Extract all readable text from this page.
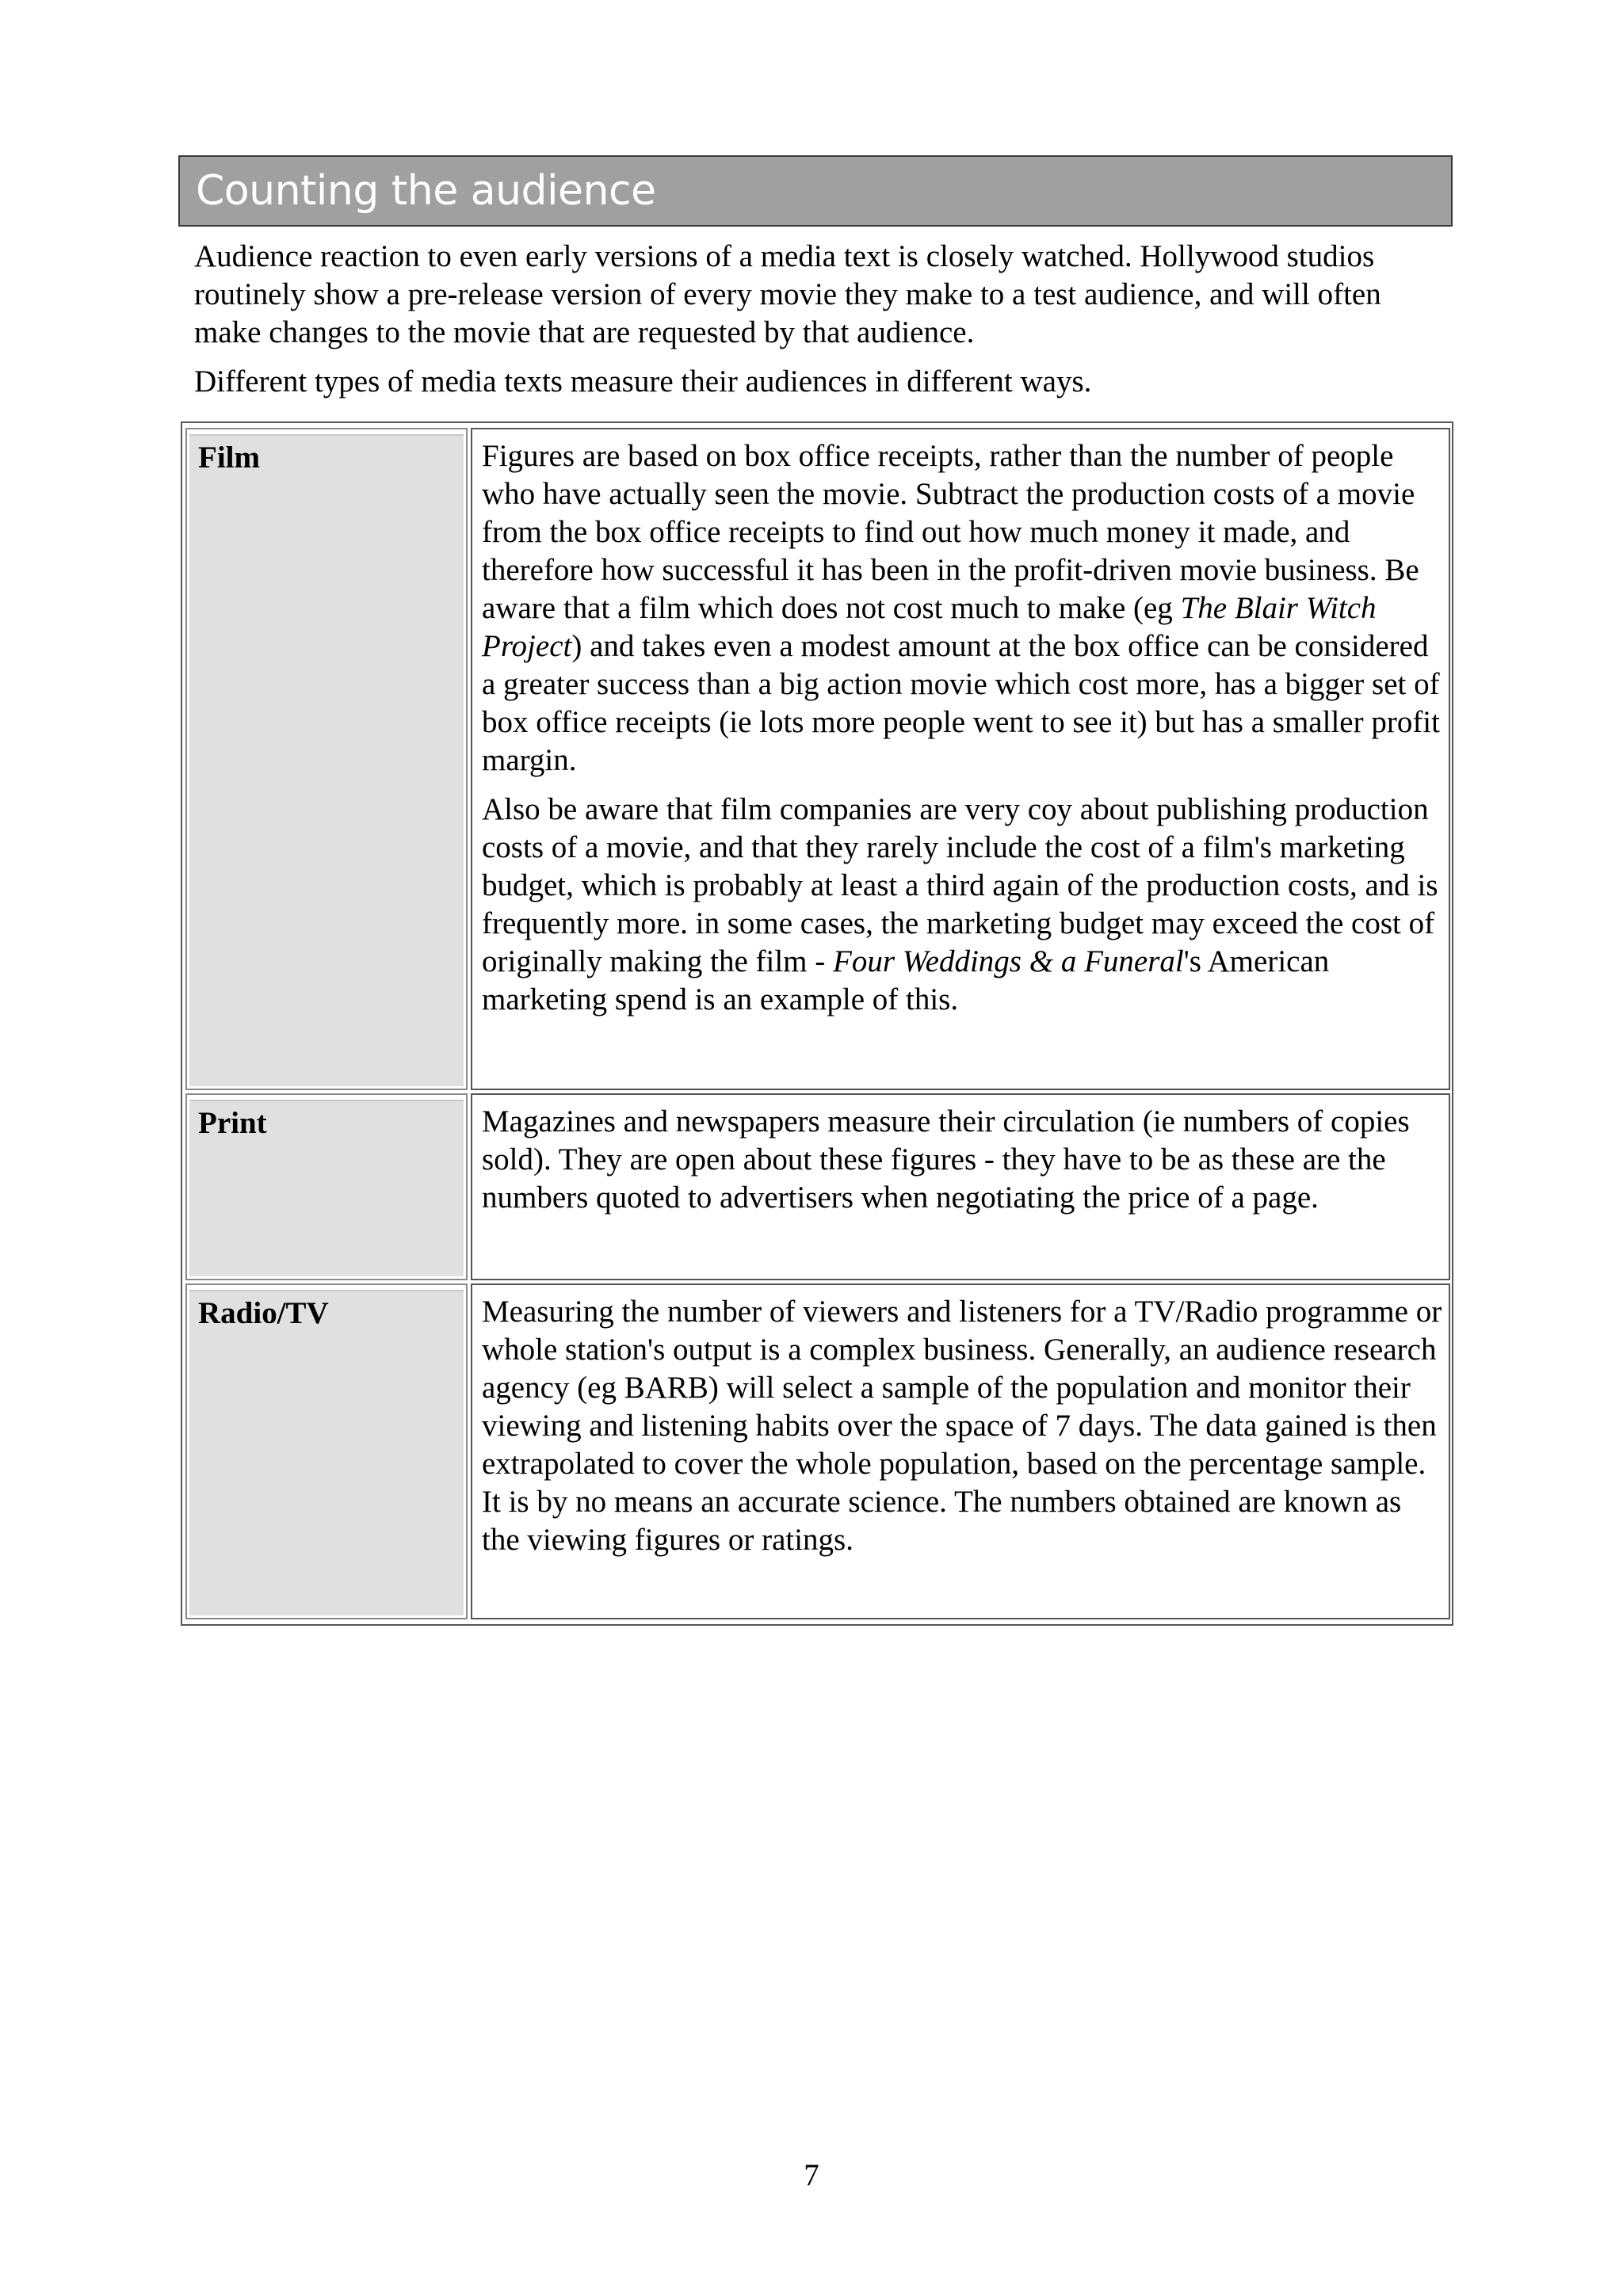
Counting the audience

Audience reaction to even early versions of a media text is closely watched. Hollywood studios routinely show a pre-release version of every movie they make to a test audience, and will often make changes to the movie that are requested by that audience.

Different types of media texts measure their audiences in different ways.

Film	Figures are based on box office receipts, rather than the number of people who have actually seen the movie. Subtract the production costs of a movie from the box office receipts to find out how much money it made, and therefore how successful it has been in the profit-driven movie business. Be aware that a film which does not cost much to make (eg The Blair Witch Project) and takes even a modest amount at the box office can be considered a greater success than a big action movie which cost more, has a bigger set of box office receipts (ie lots more people went to see it) but has a smaller profit margin.

Also be aware that film companies are very coy about publishing production costs of a movie, and that they rarely include the cost of a film's marketing budget, which is probably at least a third again of the production costs, and is frequently more. in some cases, the marketing budget may exceed the cost of originally making the film - Four Weddings & a Funeral's American marketing spend is an example of this.

Print	Magazines and newspapers measure their circulation (ie numbers of copies sold). They are open about these figures - they have to be as these are the numbers quoted to advertisers when negotiating the price of a page.

Radio/TV	Measuring the number of viewers and listeners for a TV/Radio programme or whole station's output is a complex business. Generally, an audience research agency (eg BARB) will select a sample of the population and monitor their viewing and listening habits over the space of 7 days. The data gained is then extrapolated to cover the whole population, based on the percentage sample. It is by no means an accurate science. The numbers obtained are known as the viewing figures or ratings.

7
